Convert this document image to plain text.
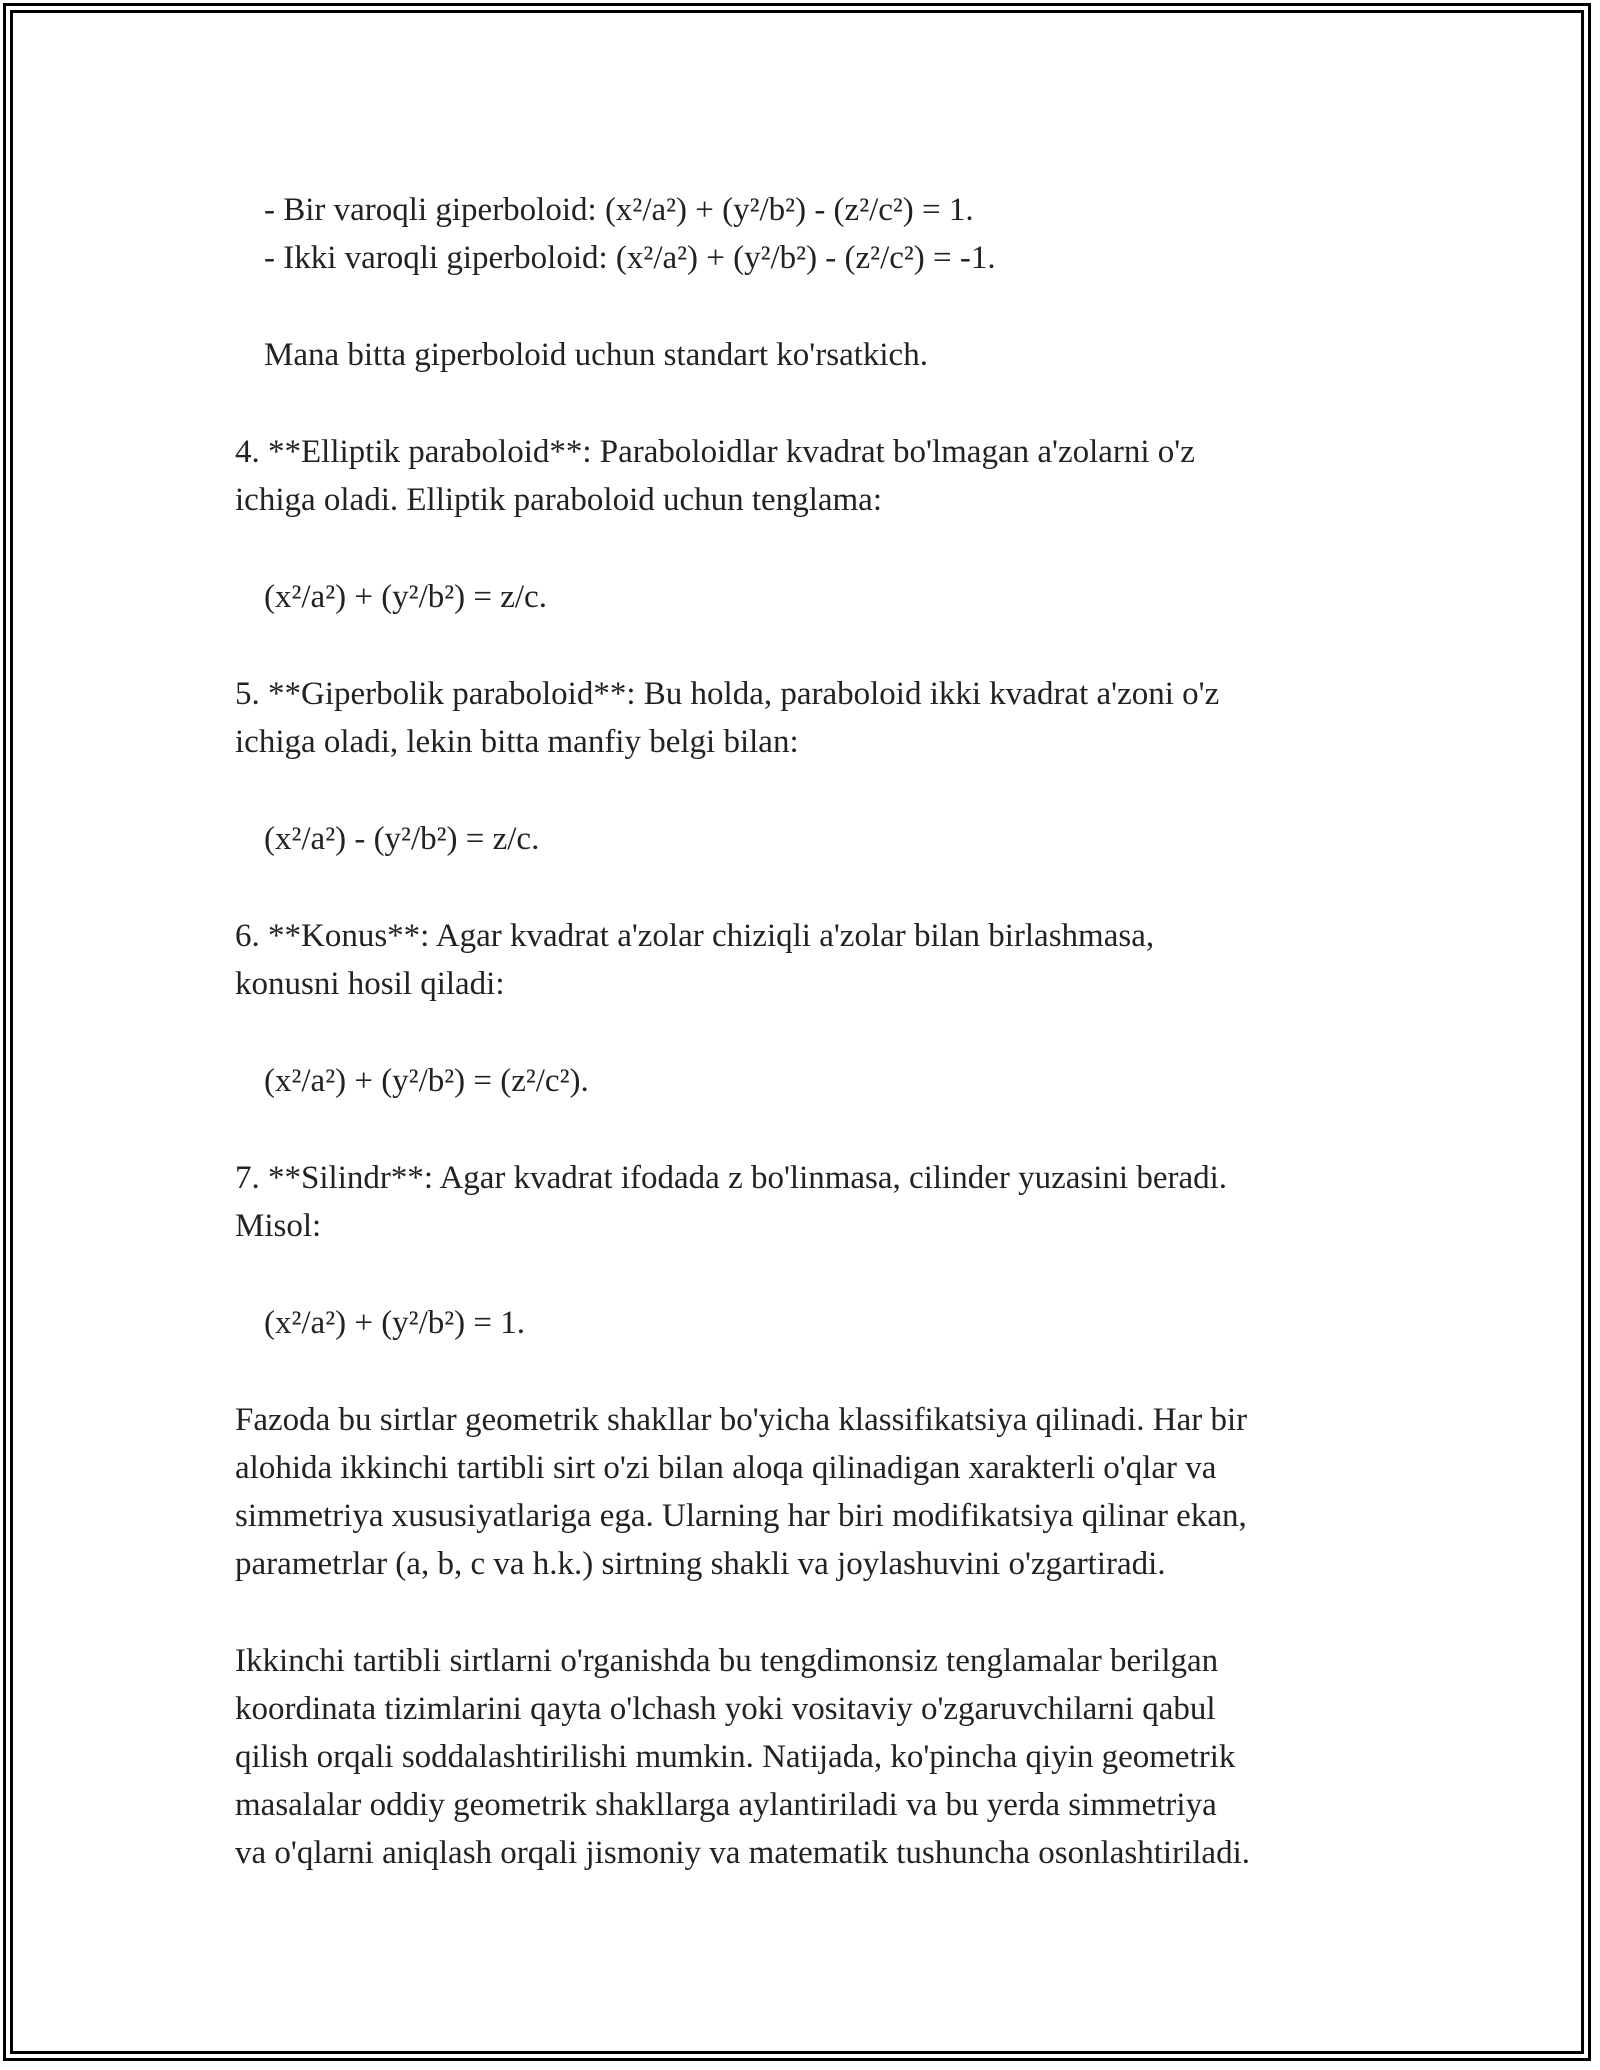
- Bir varoqli giperboloid: (x²/a²) + (y²/b²) - (z²/c²) = 1.

- Ikki varoqli giperboloid: (x²/a²) + (y²/b²) - (z²/c²) = -1.

Mana bitta giperboloid uchun standart ko'rsatkich.

4. **Elliptik paraboloid**: Paraboloidlar kvadrat bo'lmagan a'zolarni o'z

ichiga oladi. Elliptik paraboloid uchun tenglama:

(x²/a²) + (y²/b²) = z/c.

5. **Giperbolik paraboloid**: Bu holda, paraboloid ikki kvadrat a'zoni o'z

ichiga oladi, lekin bitta manfiy belgi bilan:

(x²/a²) - (y²/b²) = z/c.

6. **Konus**: Agar kvadrat a'zolar chiziqli a'zolar bilan birlashmasa,

konusni hosil qiladi:

(x²/a²) + (y²/b²) = (z²/c²).

7. **Silindr**: Agar kvadrat ifodada z bo'linmasa, cilinder yuzasini beradi.

Misol:

(x²/a²) + (y²/b²) = 1.

Fazoda bu sirtlar geometrik shakllar bo'yicha klassifikatsiya qilinadi. Har bir

alohida ikkinchi tartibli sirt o'zi bilan aloqa qilinadigan xarakterli o'qlar va

simmetriya xususiyatlariga ega. Ularning har biri modifikatsiya qilinar ekan,

parametrlar (a, b, c va h.k.) sirtning shakli va joylashuvini o'zgartiradi.

Ikkinchi tartibli sirtlarni o'rganishda bu tengdimonsiz tenglamalar berilgan

koordinata tizimlarini qayta o'lchash yoki vositaviy o'zgaruvchilarni qabul

qilish orqali soddalashtirilishi mumkin. Natijada, ko'pincha qiyin geometrik

masalalar oddiy geometrik shakllarga aylantiriladi va bu yerda simmetriya

va o'qlarni aniqlash orqali jismoniy va matematik tushuncha osonlashtiriladi.
